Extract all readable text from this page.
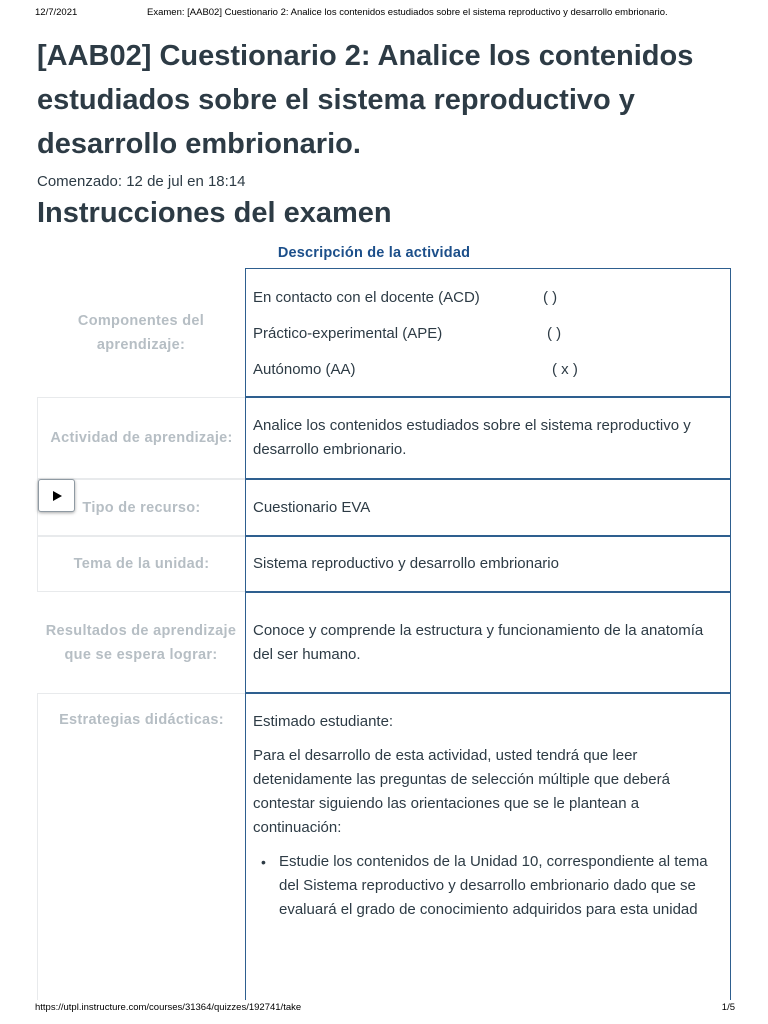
12/7/2021	Examen: [AAB02] Cuestionario 2: Analice los contenidos estudiados sobre el sistema reproductivo y desarrollo embrionario.
[AAB02] Cuestionario 2: Analice los contenidos estudiados sobre el sistema reproductivo y desarrollo embrionario.
Comenzado: 12 de jul en 18:14
Instrucciones del examen
Descripción de la actividad
Componentes del aprendizaje:
En contacto con el docente (ACD)	( )
Práctico-experimental (APE)	( )
Autónomo (AA)	( x )
Actividad de aprendizaje:
Analice los contenidos estudiados sobre el sistema reproductivo y desarrollo embrionario.
Tipo de recurso:	Cuestionario EVA
Tema de la unidad:	Sistema reproductivo y desarrollo embrionario
Resultados de aprendizaje que se espera lograr:
Conoce y comprende la estructura y funcionamiento de la anatomía del ser humano.
Estrategias didácticas:	Estimado estudiante:
Para el desarrollo de esta actividad, usted tendrá que leer detenidamente las preguntas de selección múltiple que deberá contestar siguiendo las orientaciones que se le plantean a continuación:
• Estudie los contenidos de la Unidad 10, correspondiente al tema del Sistema reproductivo y desarrollo embrionario dado que se evaluará el grado de conocimiento adquiridos para esta unidad
https://utpl.instructure.com/courses/31364/quizzes/192741/take	1/5
